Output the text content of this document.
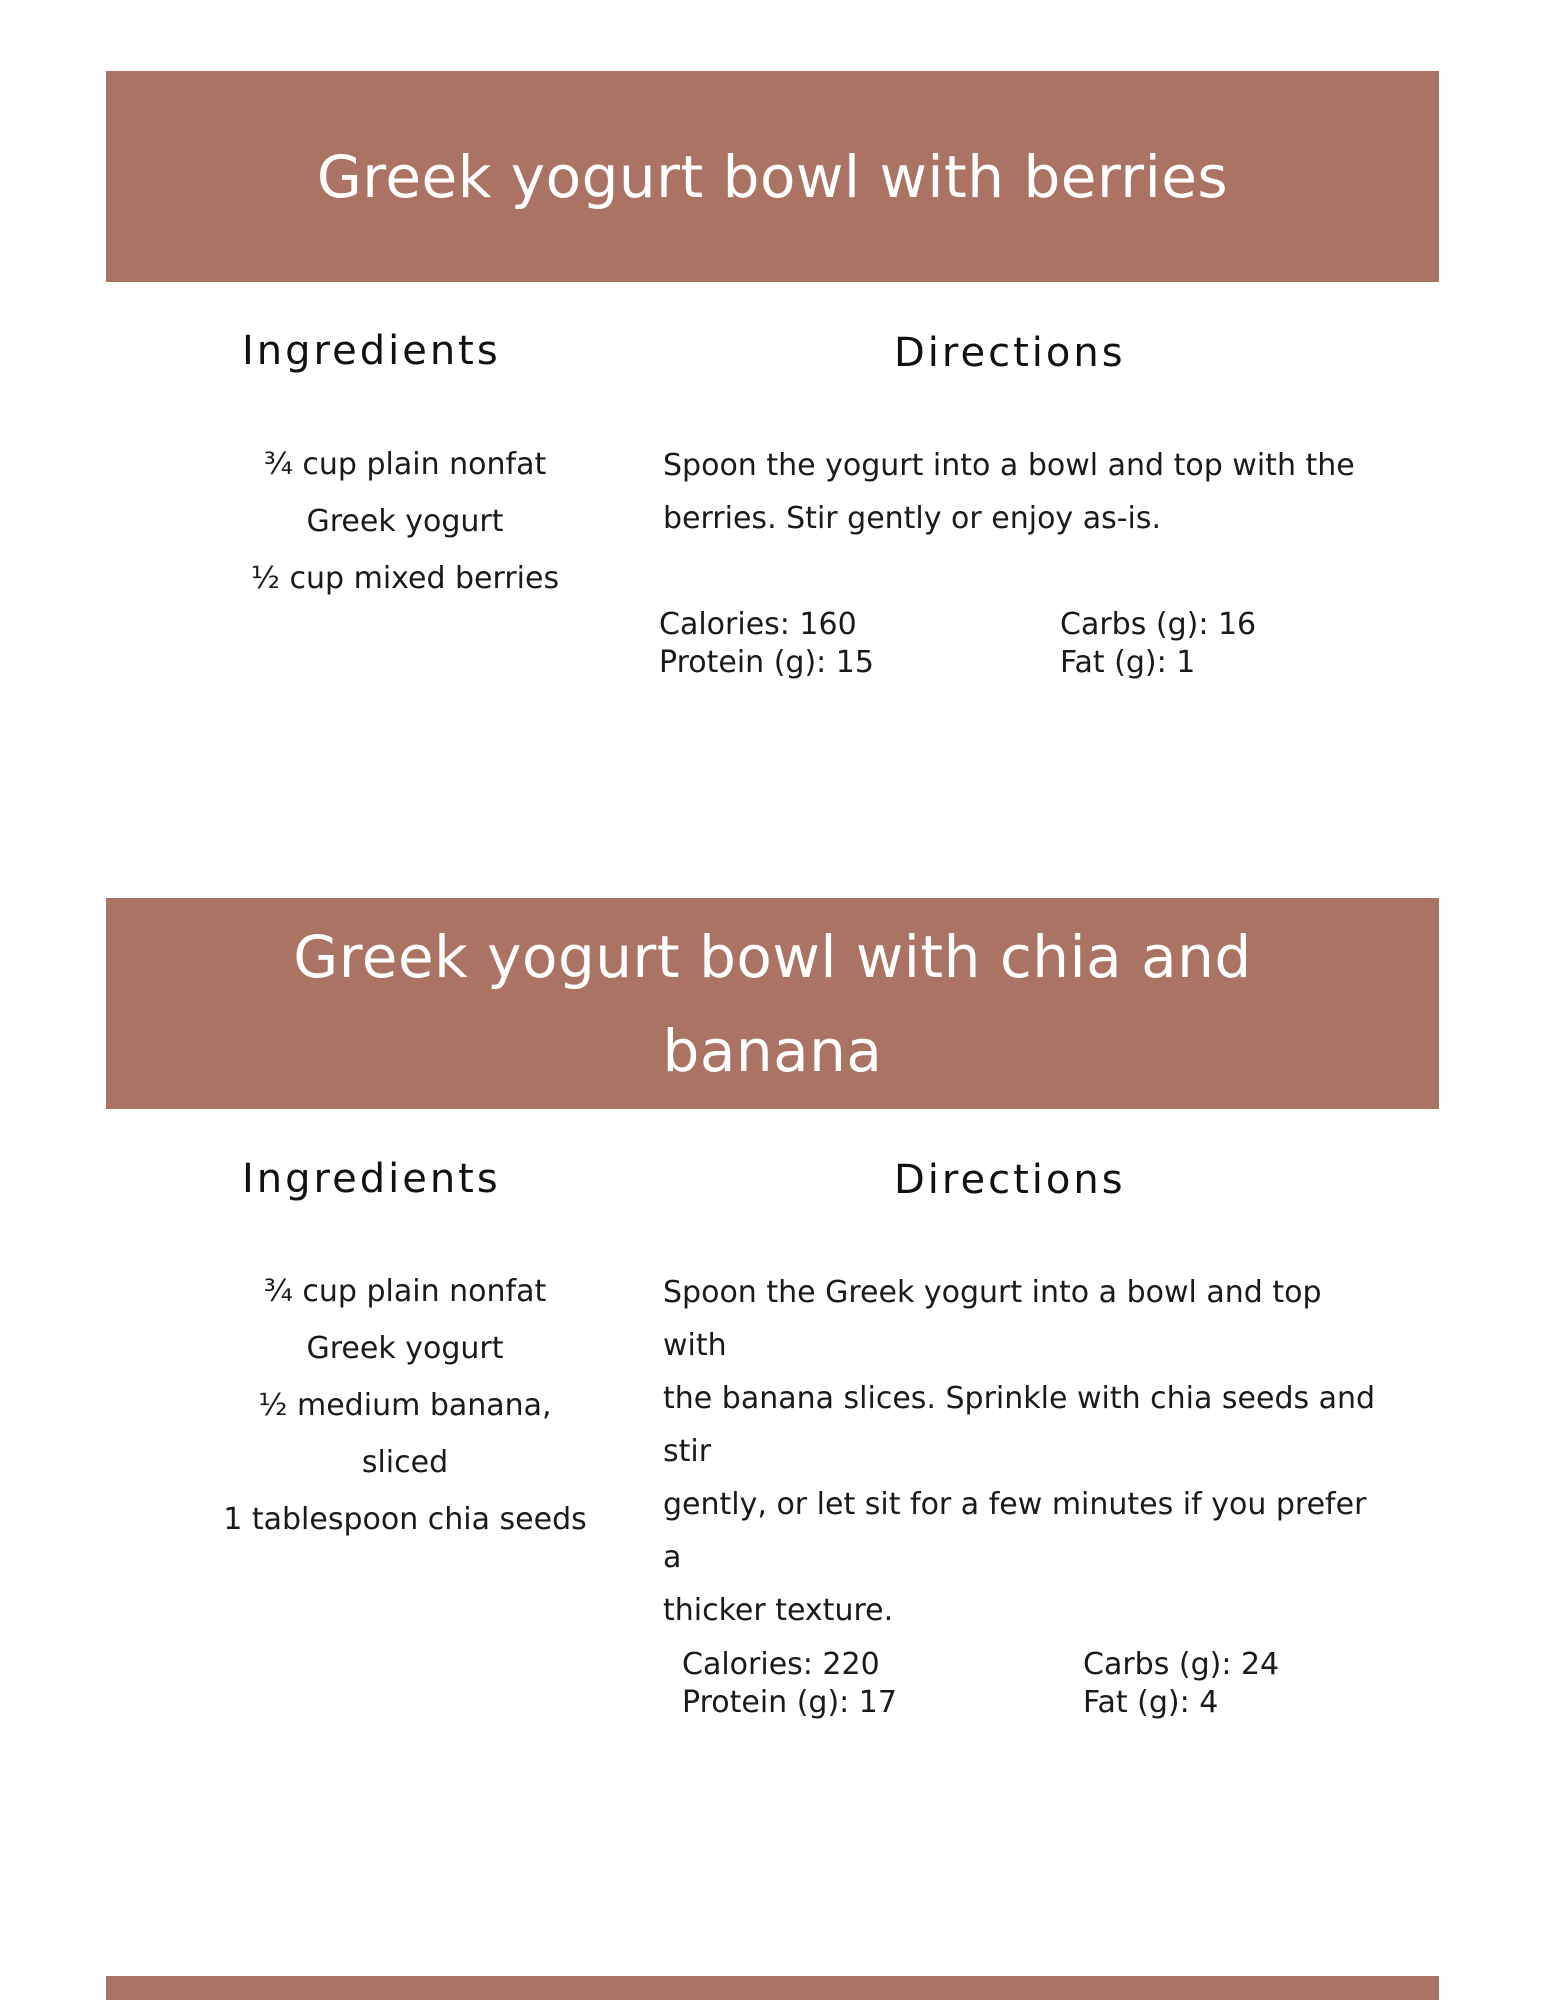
Greek yogurt bowl with berries
Ingredients	Directions
¾ cup plain nonfat
Greek yogurt
½ cup mixed berries
Spoon the yogurt into a bowl and top with the
berries. Stir gently or enjoy as-is.
Calories: 160
Protein (g): 15
Carbs (g): 16
Fat (g): 1
Greek yogurt bowl with chia and
banana
Ingredients	Directions
¾ cup plain nonfat
Greek yogurt
½ medium banana,
sliced
1 tablespoon chia seeds
Spoon the Greek yogurt into a bowl and top with
the banana slices. Sprinkle with chia seeds and stir
gently, or let sit for a few minutes if you prefer a
thicker texture.
Calories: 220
Protein (g): 17
Carbs (g): 24
Fat (g): 4
